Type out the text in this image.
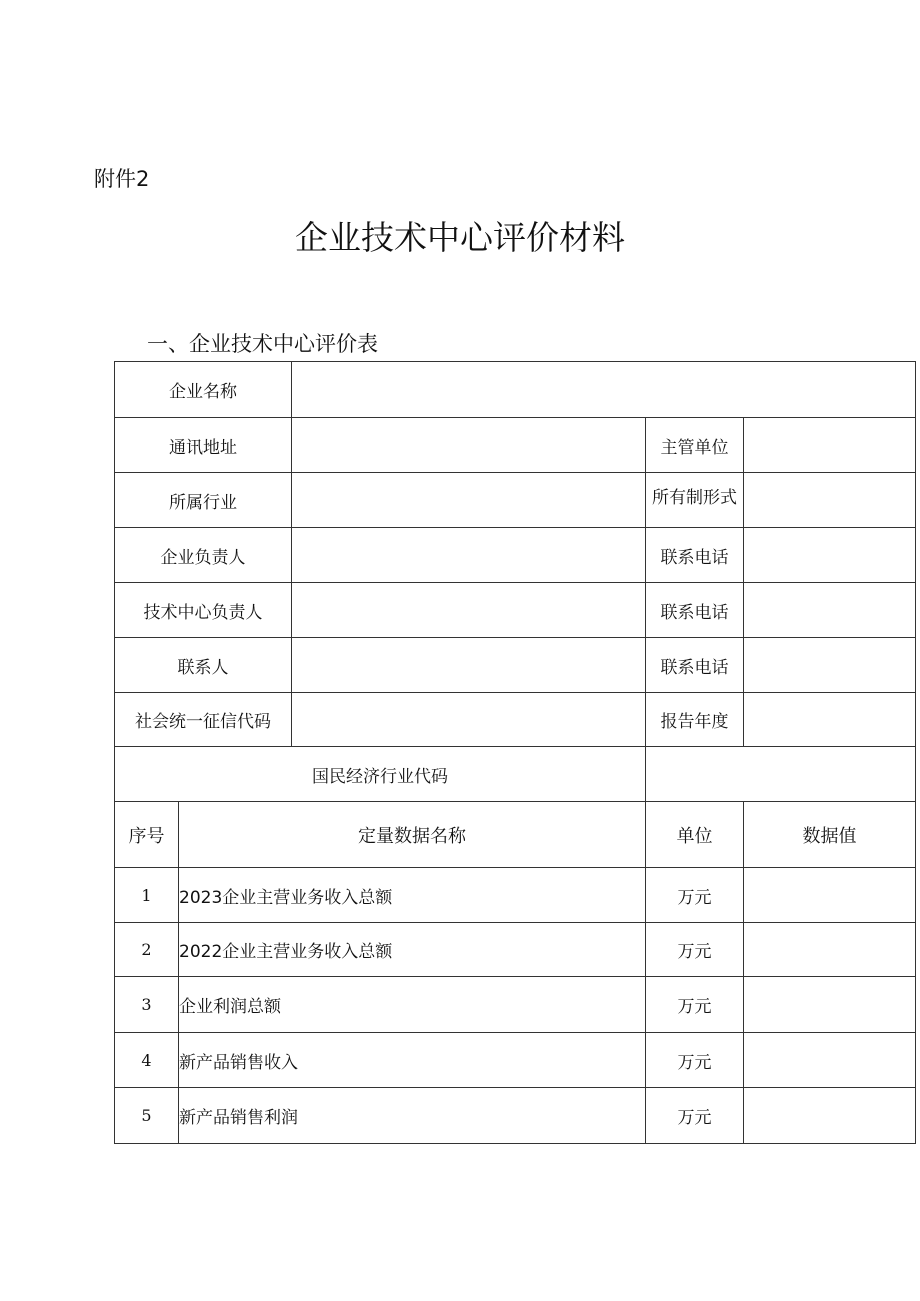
附件2
企业技术中心评价材料
一、企业技术中心评价表
企业名称				
通讯地址			主管单位	
所属行业			所有制形式	
企业负责人			联系电话	
技术中心负责人			联系电话	
联系人			联系电话	
社会统一征信代码			报告年度	
国民经济行业代码				
序号	定量数据名称		单位	数据值
1	2023企业主营业务收入总额		万元	
2	2022企业主营业务收入总额		万元	
3	企业利润总额		万元	
4	新产品销售收入		万元	
5	新产品销售利润		万元	
